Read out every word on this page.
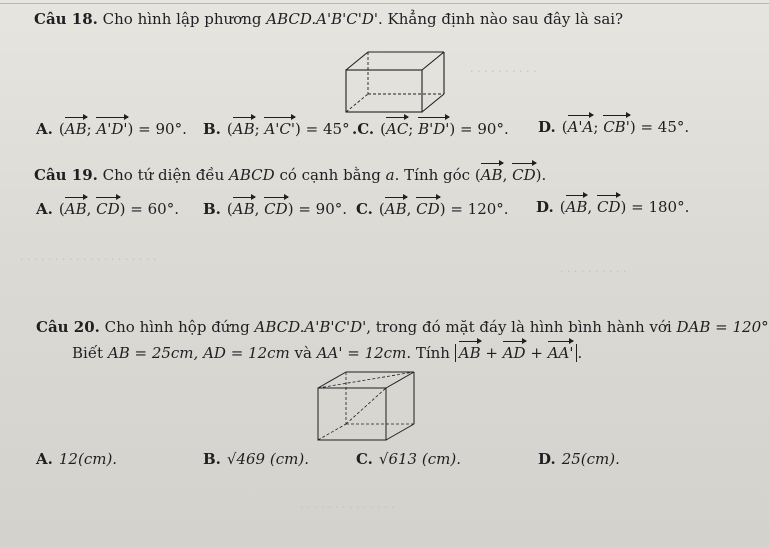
. . . . . . . . . .
. . . . . . . . . . . . . . . . . . . .
. . . . . . . . . .
. . . . . . . . . . . . . .
Câu 18. Cho hình lập phương ABCD.A'B'C'D'. Khẳng định nào sau đây là sai?
A. (AB; A'D') = 90°. B. (AB; A'C') = 45° .C. (AC; B'D') = 90°. D. (A'A; CB') = 45°.
Câu 19. Cho tứ diện đều ABCD có cạnh bằng a. Tính góc (AB, CD).
A. (AB, CD) = 60°. B. (AB, CD) = 90°. C. (AB, CD) = 120°. D. (AB, CD) = 180°.
Câu 20. Cho hình hộp đứng ABCD.A'B'C'D', trong đó mặt đáy là hình bình hành với DAB = 120°
Biết AB = 25cm, AD = 12cm và AA' = 12cm. Tính AB + AD + AA' .
A. 12(cm).	B. √469 (cm).	C. √613 (cm).	D. 25(cm).
